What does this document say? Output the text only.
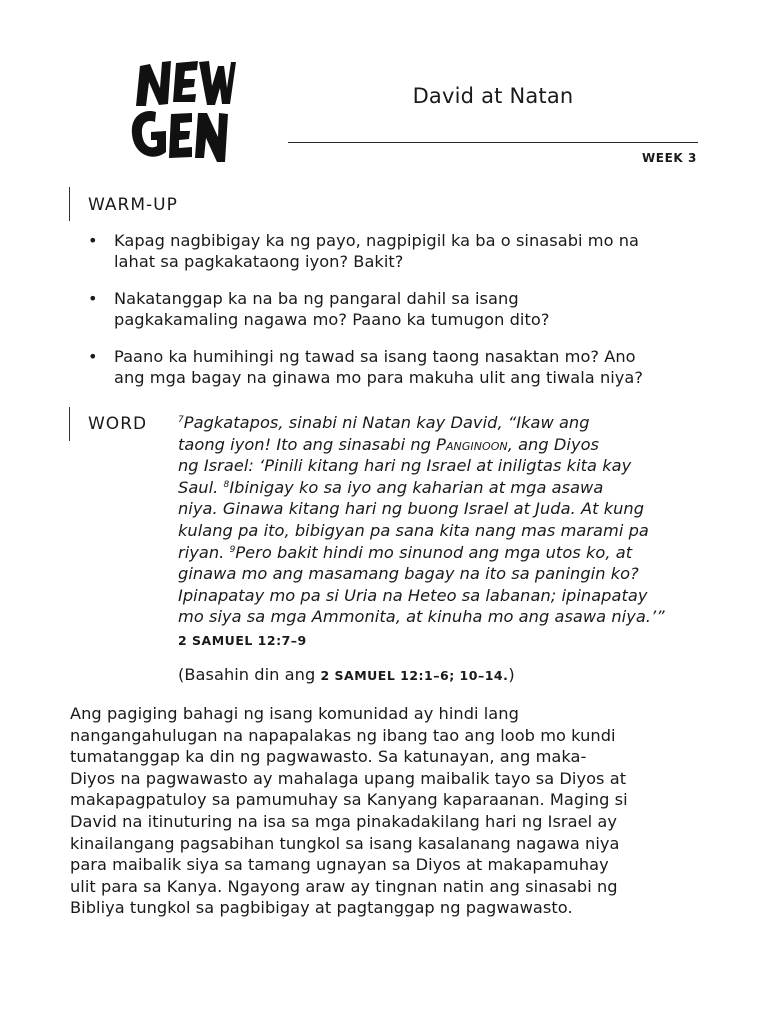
David at Natan
WEEK 3
WARM-UP
• Kapag nagbibigay ka ng payo, nagpipigil ka ba o sinasabi mo na
lahat sa pagkakataong iyon? Bakit?
• Nakatanggap ka na ba ng pangaral dahil sa isang
pagkakamaling nagawa mo? Paano ka tumugon dito?
• Paano ka humihingi ng tawad sa isang taong nasaktan mo? Ano
ang mga bagay na ginawa mo para makuha ulit ang tiwala niya?
WORD	$^7$Pagkatapos, sinabi ni Natan kay David, “Ikaw ang
taong iyon! Ito ang sinasabi ng Panginoon, ang Diyos
ng Israel: ‘Pinili kitang hari ng Israel at iniligtas kita kay
Saul. $^8$Ibinigay ko sa iyo ang kaharian at mga asawa
niya. Ginawa kitang hari ng buong Israel at Juda. At kung
kulang pa ito, bibigyan pa sana kita nang mas marami pa
riyan. $^9$Pero bakit hindi mo sinunod ang mga utos ko, at
ginawa mo ang masamang bagay na ito sa paningin ko?
Ipinapatay mo pa si Uria na Heteo sa labanan; ipinapatay
mo siya sa mga Ammonita, at kinuha mo ang asawa niya.’”
2 SAMUEL 12:7–9
(Basahin din ang 2 SAMUEL 12:1–6; 10–14.)
Ang pagiging bahagi ng isang komunidad ay hindi lang
nangangahulugan na napapalakas ng ibang tao ang loob mo kundi
tumatanggap ka din ng pagwawasto. Sa katunayan, ang maka-
Diyos na pagwawasto ay mahalaga upang maibalik tayo sa Diyos at
makapagpatuloy sa pamumuhay sa Kanyang kaparaanan. Maging si
David na itinuturing na isa sa mga pinakadakilang hari ng Israel ay
kinailangang pagsabihan tungkol sa isang kasalanang nagawa niya
para maibalik siya sa tamang ugnayan sa Diyos at makapamuhay
ulit para sa Kanya. Ngayong araw ay tingnan natin ang sinasabi ng
Bibliya tungkol sa pagbibigay at pagtanggap ng pagwawasto.
